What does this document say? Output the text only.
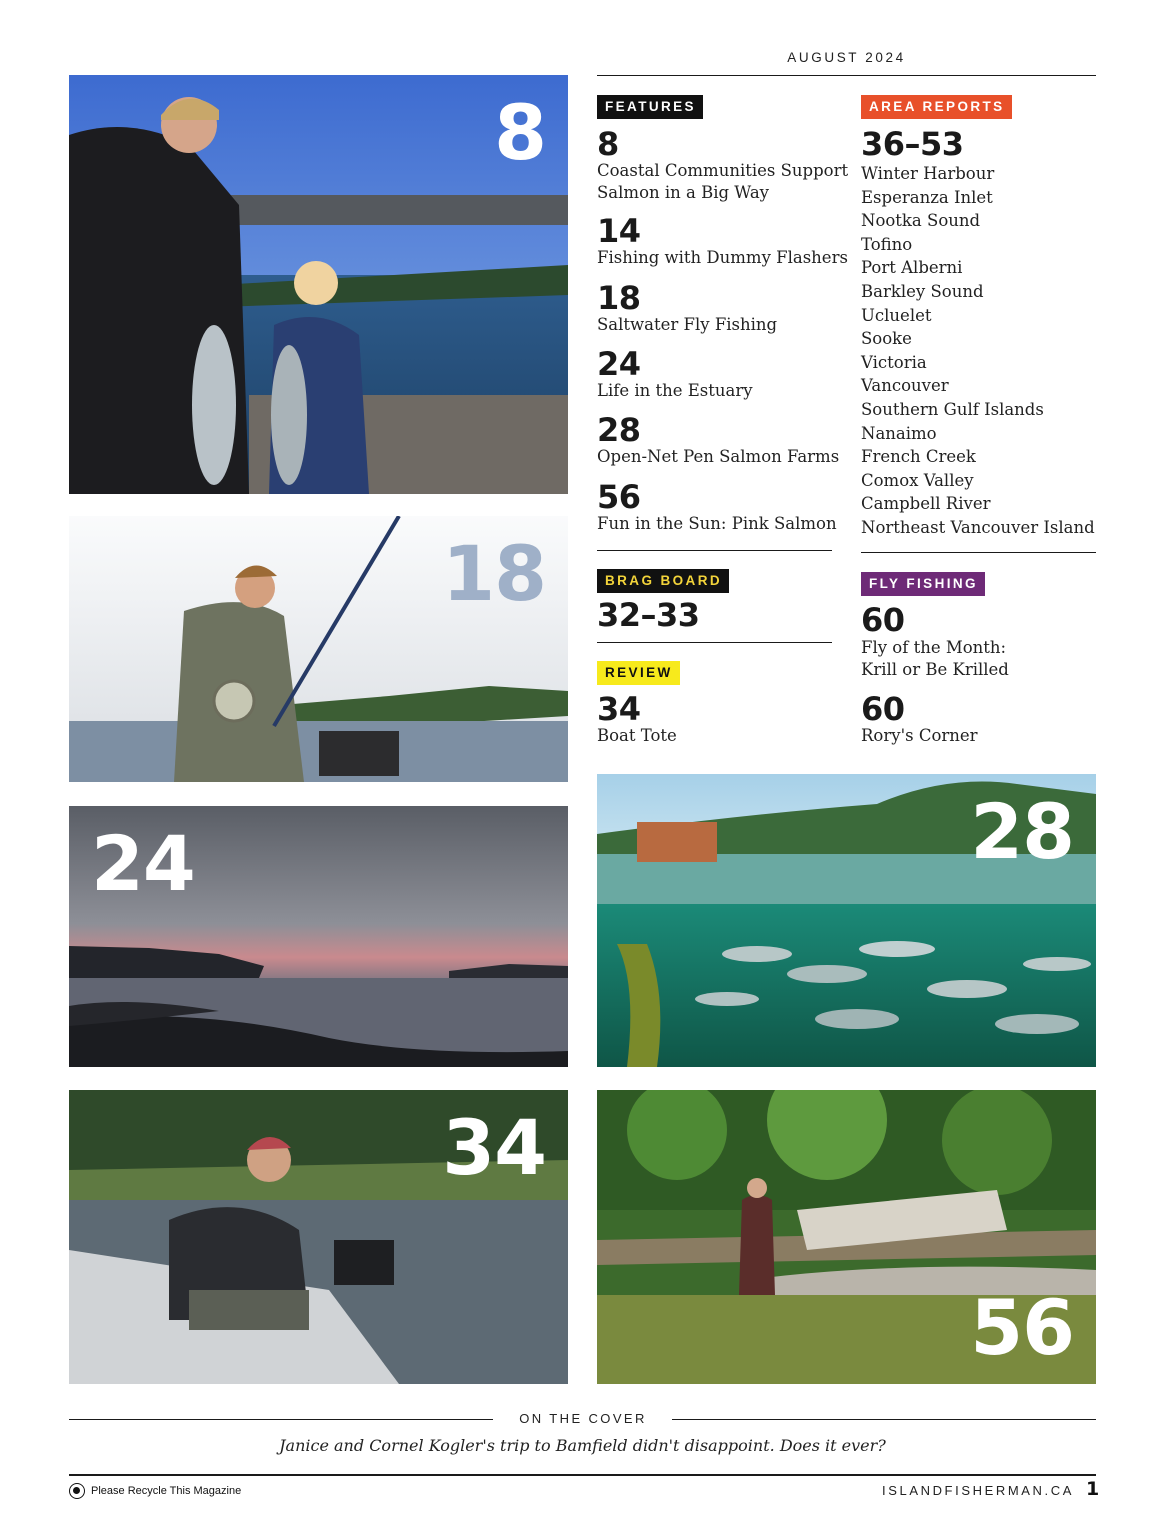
AUGUST 2024
8
18
24	28
34
56
FEATURES
8
Coastal Communities Support
Salmon in a Big Way
14
Fishing with Dummy Flashers
18
Saltwater Fly Fishing
24
Life in the Estuary
28
Open-Net Pen Salmon Farms
56
Fun in the Sun: Pink Salmon
BRAG BOARD
32–33
REVIEW
34
Boat Tote
AREA REPORTS
36–53
Winter Harbour
Esperanza Inlet
Nootka Sound
Tofino
Port Alberni
Barkley Sound
Ucluelet
Sooke
Victoria
Vancouver
Southern Gulf Islands
Nanaimo
French Creek
Comox Valley
Campbell River
Northeast Vancouver Island
FLY FISHING
60
Fly of the Month:
Krill or Be Krilled
60
Rory's Corner
ON THE COVER
Janice and Cornel Kogler's trip to Bamfield didn't disappoint. Does it ever?
Please Recycle This Magazine	ISLANDFISHERMAN.CA 1
